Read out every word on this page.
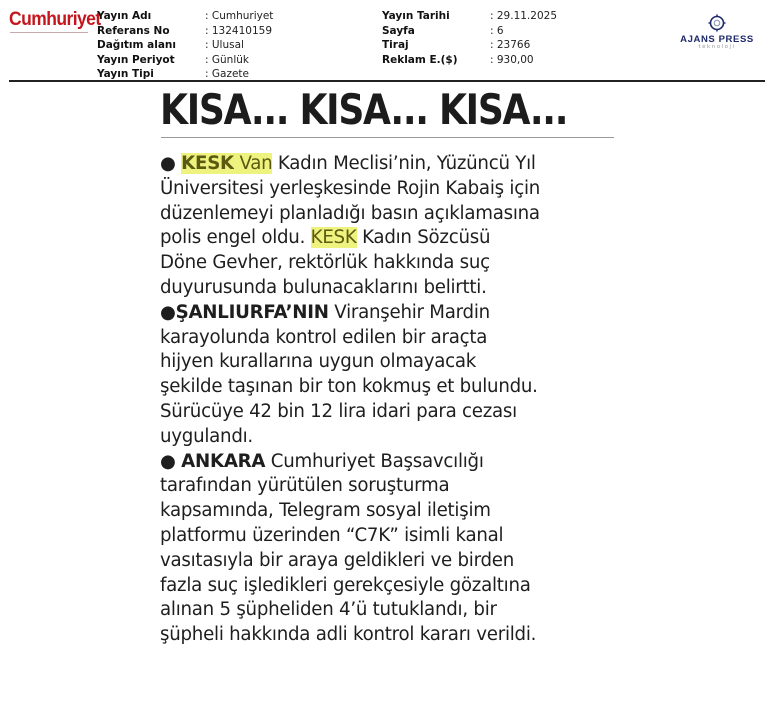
Cumhuriyet
Yayın Adı	: Cumhuriyet
Referans No	: 132410159
Dağıtım alanı	: Ulusal
Yayın Periyot	: Günlük
Yayın Tipi	: Gazete
Yayın Tarihi	: 29.11.2025
Sayfa	: 6
Tiraj	: 23766
Reklam E.($)	: 930,00
AJANS PRESS
teknoloji
KISA... KISA... KISA...
● KESK Van Kadın Meclisi’nin, Yüzüncü Yıl
Üniversitesi yerleşkesinde Rojin Kabaiş için
düzenlemeyi planladığı basın açıklamasına
polis engel oldu. KESK Kadın Sözcüsü
Döne Gevher, rektörlük hakkında suç
duyurusunda bulunacaklarını belirtti.
●ŞANLIURFA’NIN Viranşehir Mardin
karayolunda kontrol edilen bir araçta
hijyen kurallarına uygun olmayacak
şekilde taşınan bir ton kokmuş et bulundu.
Sürücüye 42 bin 12 lira idari para cezası
uygulandı.
● ANKARA Cumhuriyet Başsavcılığı
tarafından yürütülen soruşturma
kapsamında, Telegram sosyal iletişim
platformu üzerinden “C7K” isimli kanal
vasıtasıyla bir araya geldikleri ve birden
fazla suç işledikleri gerekçesiyle gözaltına
alınan 5 şüpheliden 4’ü tutuklandı, bir
şüpheli hakkında adli kontrol kararı verildi.
